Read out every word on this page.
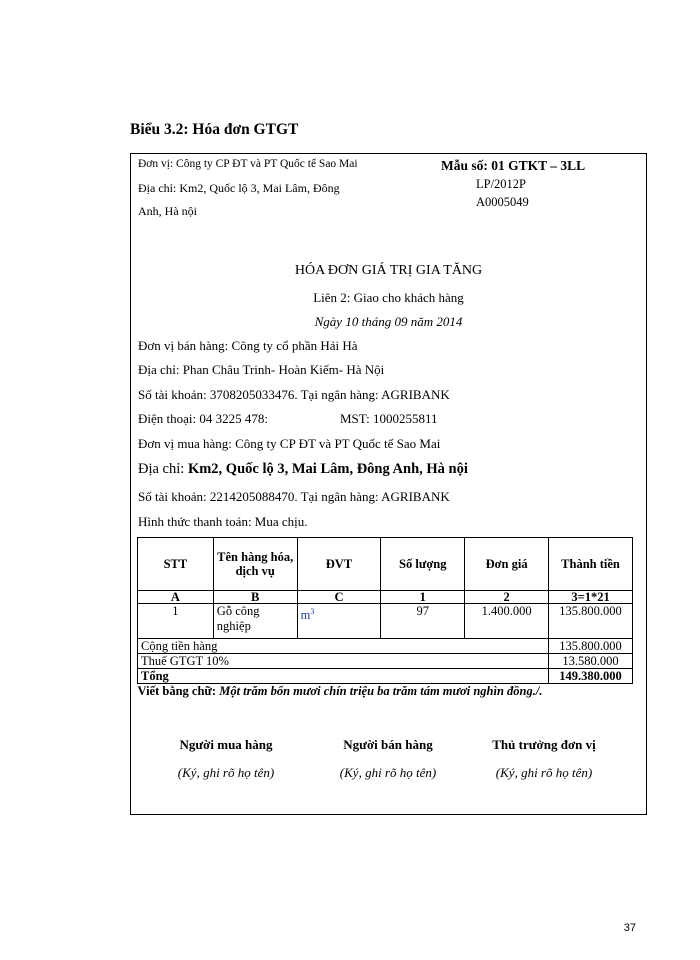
Biểu 3.2: Hóa đơn GTGT
Đơn vị: Công ty CP ĐT và PT Quốc tế Sao Mai
Địa chỉ: Km2, Quốc lộ 3, Mai Lâm, Đông
Anh, Hà nội
Mẫu số: 01 GTKT – 3LL
LP/2012P
A0005049
HÓA ĐƠN GIÁ TRỊ GIA TĂNG
Liên 2: Giao cho khách hàng
Ngày 10 tháng 09 năm 2014
Đơn vị bán hàng: Công ty cổ phần Hải Hà
Địa chỉ: Phan Châu Trinh- Hoàn Kiếm- Hà Nội
Số tài khoản: 3708205033476. Tại ngân hàng: AGRIBANK
Điện thoại: 04 3225 478:	MST: 1000255811
Đơn vị mua hàng: Công ty CP ĐT và PT Quốc tế Sao Mai
Địa chỉ: Km2, Quốc lộ 3, Mai Lâm, Đông Anh, Hà nội
Số tài khoản: 2214205088470. Tại ngân hàng: AGRIBANK
Hình thức thanh toán: Mua chịu.
STT	Tên hàng hóa, dịch vụ	ĐVT	Số lượng	Đơn giá	Thành tiền
A	B	C	1	2	3=1*21
1	Gỗ công nghiệp	$m^3$	97	1.400.000	135.800.000
Cộng tiền hàng					135.800.000
Thuế GTGT 10%					13.580.000
Tổng					149.380.000
Viết bằng chữ: Một trăm bốn mươi chín triệu ba trăm tám mươi nghìn đồng./.					
Người mua hàng	Người bán hàng	Thủ trưởng đơn vị
(Ký, ghi rõ họ tên)	(Ký, ghi rõ họ tên)	(Ký, ghi rõ họ tên)
37
